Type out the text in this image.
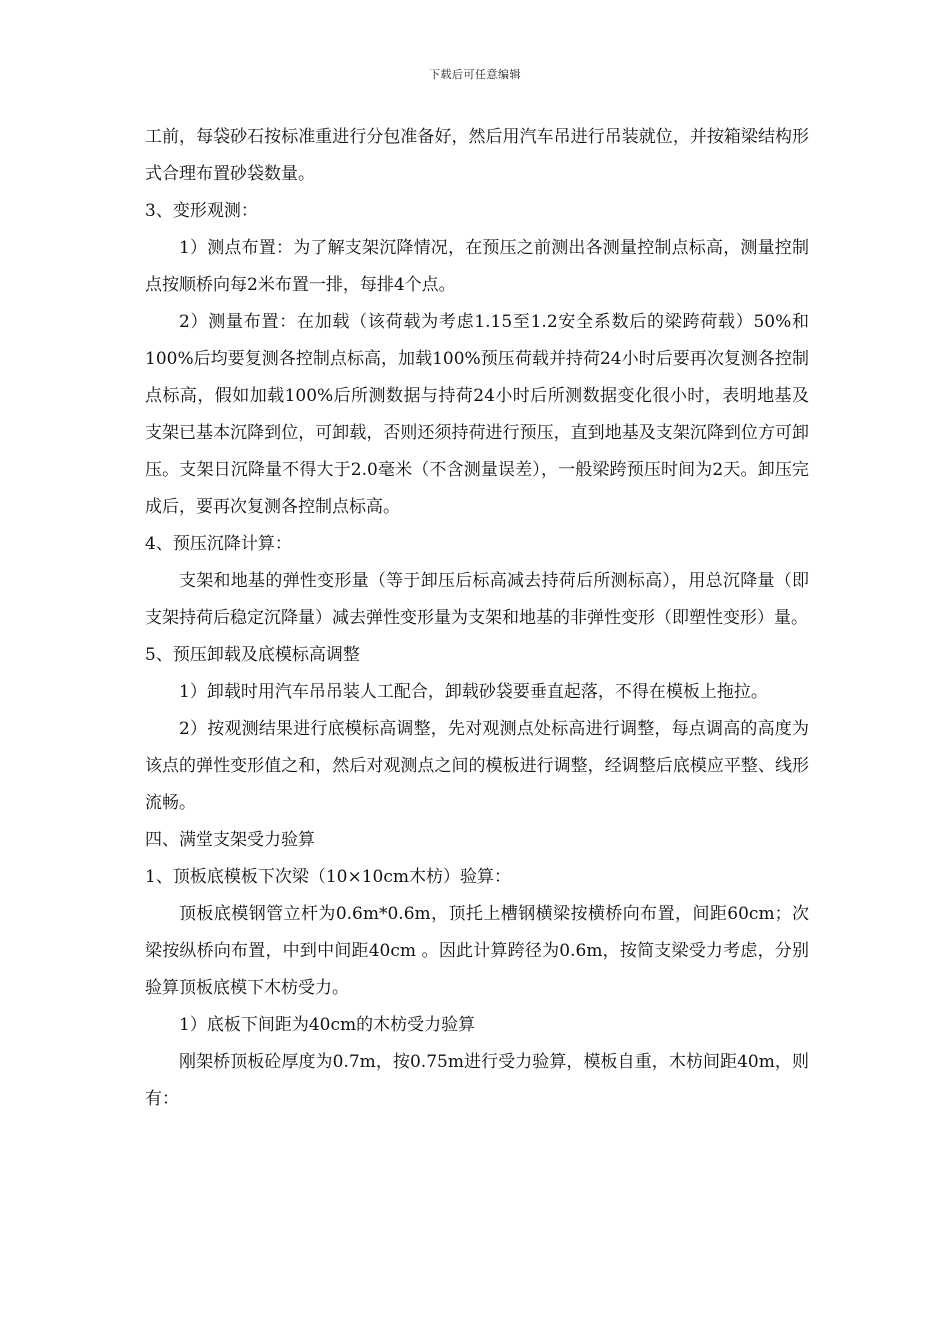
下载后可任意编辑

工前，每袋砂石按标准重进行分包准备好，然后用汽车吊进行吊装就位，并按箱梁结构形式合理布置砂袋数量。

3、变形观测：

1）测点布置：为了解支架沉降情况，在预压之前测出各测量控制点标高，测量控制点按顺桥向每2米布置一排，每排4个点。

2）测量布置：在加载（该荷载为考虑1.15至1.2安全系数后的梁跨荷载）50%和100%后均要复测各控制点标高，加载100%预压荷载并持荷24小时后要再次复测各控制点标高，假如加载100%后所测数据与持荷24小时后所测数据变化很小时，表明地基及支架已基本沉降到位，可卸载，否则还须持荷进行预压，直到地基及支架沉降到位方可卸压。支架日沉降量不得大于2.0毫米（不含测量误差），一般梁跨预压时间为2天。卸压完成后，要再次复测各控制点标高。

4、预压沉降计算：

支架和地基的弹性变形量（等于卸压后标高减去持荷后所测标高），用总沉降量（即支架持荷后稳定沉降量）减去弹性变形量为支架和地基的非弹性变形（即塑性变形）量。

5、预压卸载及底模标高调整

1）卸载时用汽车吊吊装人工配合，卸载砂袋要垂直起落，不得在模板上拖拉。

2）按观测结果进行底模标高调整，先对观测点处标高进行调整，每点调高的高度为该点的弹性变形值之和，然后对观测点之间的模板进行调整，经调整后底模应平整、线形流畅。

四、满堂支架受力验算

1、顶板底模板下次梁（10×10cm木枋）验算：

顶板底模钢管立杆为0.6m*0.6m，顶托上槽钢横梁按横桥向布置，间距60cm；次梁按纵桥向布置，中到中间距40cm 。因此计算跨径为0.6m，按简支梁受力考虑，分别验算顶板底模下木枋受力。

1）底板下间距为40cm的木枋受力验算

刚架桥顶板砼厚度为0.7m，按0.75m进行受力验算，模板自重，木枋间距40m，则有：
